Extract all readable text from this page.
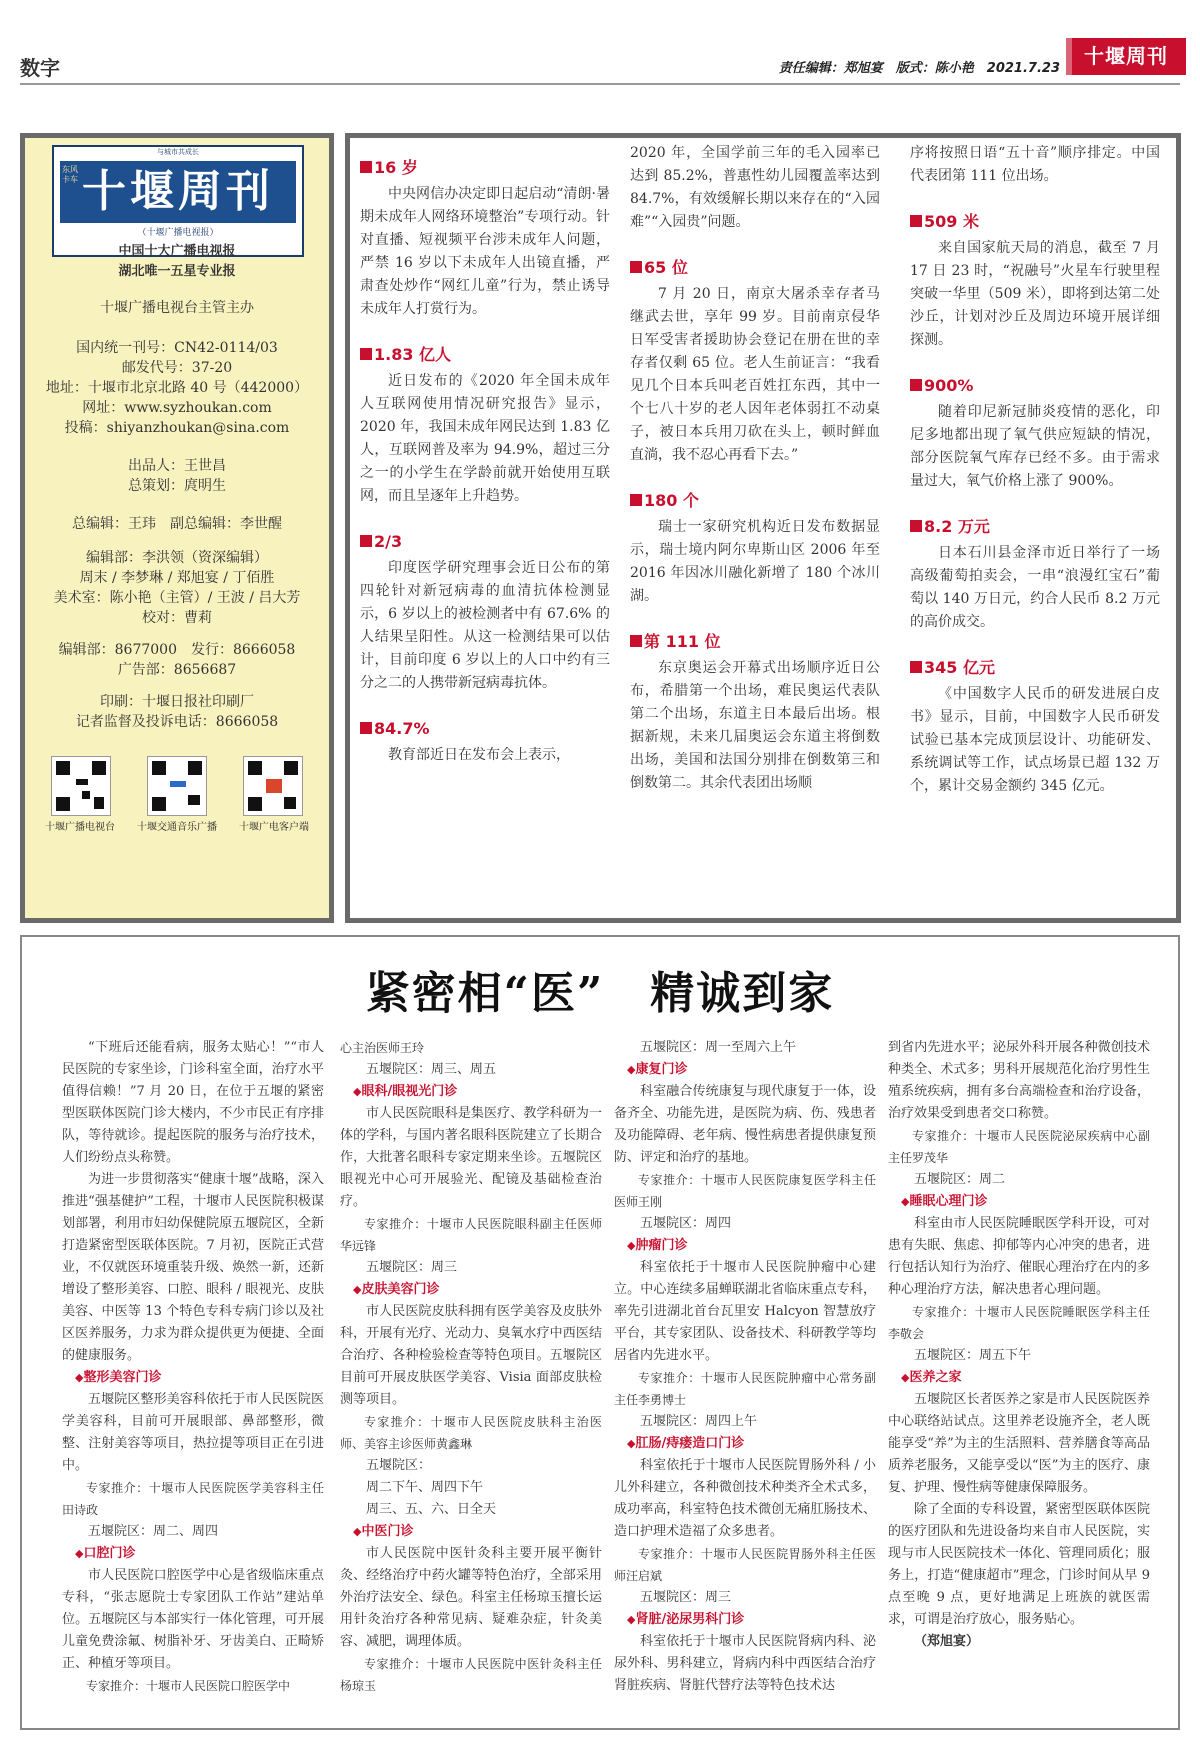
数字	责任编辑：郑旭宴　版式：陈小艳　2021.7.23
十堰周刊
与城市共成长
十堰周刊
东风卡车
（十堰广播电视报）
中国十大广播电视报
湖北唯一五星专业报
十堰广播电视台主管主办
国内统一刊号：CN42-0114/03
邮发代号：37-20
地址：十堰市北京北路 40 号（442000）
网址：www.syzhoukan.com
投稿：shiyanzhoukan@sina.com
出品人：王世昌
总策划：庹明生
总编辑：王玮　副总编辑：李世醒
编辑部：李洪领（资深编辑）
周末 / 李梦琳 / 郑旭宴 / 丁佰胜
美术室：陈小艳（主管）/ 王波 / 吕大芳
校对：曹莉
编辑部：8677000　发行：8666058
广告部：8656687
印刷：十堰日报社印刷厂
记者监督及投诉电话：8666058
十堰广播电视台 十堰交通音乐广播 十堰广电客户端
16 岁

中央网信办决定即日起启动“清朗·暑期未成年人网络环境整治”专项行动。针对直播、短视频平台涉未成年人问题，严禁 16 岁以下未成年人出镜直播，严肃查处炒作“网红儿童”行为，禁止诱导未成年人打赏行为。

1.83 亿人

近日发布的《2020 年全国未成年人互联网使用情况研究报告》显示，2020 年，我国未成年网民达到 1.83 亿人，互联网普及率为 94.9%，超过三分之一的小学生在学龄前就开始使用互联网，而且呈逐年上升趋势。

2/3

印度医学研究理事会近日公布的第四轮针对新冠病毒的血清抗体检测显示，6 岁以上的被检测者中有 67.6% 的人结果呈阳性。从这一检测结果可以估计，目前印度 6 岁以上的人口中约有三分之二的人携带新冠病毒抗体。

84.7%

教育部近日在发布会上表示，

2020 年，全国学前三年的毛入园率已达到 85.2%，普惠性幼儿园覆盖率达到 84.7%，有效缓解长期以来存在的“入园难”“入园贵”问题。

65 位

7 月 20 日，南京大屠杀幸存者马继武去世，享年 99 岁。目前南京侵华日军受害者援助协会登记在册在世的幸存者仅剩 65 位。老人生前证言：“我看见几个日本兵叫老百姓扛东西，其中一个七八十岁的老人因年老体弱扛不动桌子，被日本兵用刀砍在头上，顿时鲜血直淌，我不忍心再看下去。”

180 个

瑞士一家研究机构近日发布数据显示，瑞士境内阿尔卑斯山区 2006 年至 2016 年因冰川融化新增了 180 个冰川湖。

第 111 位

东京奥运会开幕式出场顺序近日公布，希腊第一个出场，难民奥运代表队第二个出场，东道主日本最后出场。根据新规，未来几届奥运会东道主将倒数出场，美国和法国分别排在倒数第三和倒数第二。其余代表团出场顺

序将按照日语“五十音”顺序排定。中国代表团第 111 位出场。

509 米

来自国家航天局的消息，截至 7 月 17 日 23 时，“祝融号”火星车行驶里程突破一华里（509 米），即将到达第二处沙丘，计划对沙丘及周边环境开展详细探测。

900%

随着印尼新冠肺炎疫情的恶化，印尼多地都出现了氧气供应短缺的情况，部分医院氧气库存已经不多。由于需求量过大，氧气价格上涨了 900%。

8.2 万元

日本石川县金泽市近日举行了一场高级葡萄拍卖会，一串“浪漫红宝石”葡萄以 140 万日元，约合人民币 8.2 万元的高价成交。

345 亿元

《中国数字人民币的研发进展白皮书》显示，目前，中国数字人民币研发试验已基本完成顶层设计、功能研发、系统调试等工作，试点场景已超 132 万个，累计交易金额约 345 亿元。

紧密相“医”　精诚到家

“下班后还能看病，服务太贴心！”“市人民医院的专家坐诊，门诊科室全面，治疗水平值得信赖！”7 月 20 日，在位于五堰的紧密型医联体医院门诊大楼内，不少市民正有序排队，等待就诊。提起医院的服务与治疗技术，人们纷纷点头称赞。

为进一步贯彻落实“健康十堰”战略，深入推进“强基健护”工程，十堰市人民医院积极谋划部署，利用市妇幼保健院原五堰院区，全新打造紧密型医联体医院。7 月初，医院正式营业，不仅就医环境重装升级、焕然一新，还新增设了整形美容、口腔、眼科 / 眼视光、皮肤美容、中医等 13 个特色专科专病门诊以及社区医养服务，力求为群众提供更为便捷、全面的健康服务。

◆整形美容门诊

五堰院区整形美容科依托于市人民医院医学美容科，目前可开展眼部、鼻部整形，微整、注射美容等项目，热拉提等项目正在引进中。

专家推介：十堰市人民医院医学美容科主任田诗政

五堰院区：周二、周四

◆口腔门诊

市人民医院口腔医学中心是省级临床重点专科，“张志愿院士专家团队工作站”建站单位。五堰院区与本部实行一体化管理，可开展儿童免费涂氟、树脂补牙、牙齿美白、正畸矫正、种植牙等项目。

专家推介：十堰市人民医院口腔医学中

心主治医师王玲

五堰院区：周三、周五

◆眼科/眼视光门诊

市人民医院眼科是集医疗、教学科研为一体的学科，与国内著名眼科医院建立了长期合作，大批著名眼科专家定期来坐诊。五堰院区眼视光中心可开展验光、配镜及基础检查治疗。

专家推介：十堰市人民医院眼科副主任医师华远锋

五堰院区：周三

◆皮肤美容门诊

市人民医院皮肤科拥有医学美容及皮肤外科，开展有光疗、光动力、臭氧水疗中西医结合治疗、各种检验检查等特色项目。五堰院区目前可开展皮肤医学美容、Visia 面部皮肤检测等项目。

专家推介：十堰市人民医院皮肤科主治医师、美容主诊医师黄鑫琳

五堰院区：

周二下午、周四下午

周三、五、六、日全天

◆中医门诊

市人民医院中医针灸科主要开展平衡针灸、经络治疗中药火罐等特色治疗，全部采用外治疗法安全、绿色。科室主任杨琼玉擅长运用针灸治疗各种常见病、疑难杂症，针灸美容、减肥，调理体质。

专家推介：十堰市人民医院中医针灸科主任杨琼玉

五堰院区：周一至周六上午

◆康复门诊

科室融合传统康复与现代康复于一体，设备齐全、功能先进，是医院为病、伤、残患者及功能障碍、老年病、慢性病患者提供康复预防、评定和治疗的基地。

专家推介：十堰市人民医院康复医学科主任医师王刚

五堰院区：周四

◆肿瘤门诊

科室依托于十堰市人民医院肿瘤中心建立。中心连续多届蝉联湖北省临床重点专科，率先引进湖北首台瓦里安 Halcyon 智慧放疗平台，其专家团队、设备技术、科研教学等均居省内先进水平。

专家推介：十堰市人民医院肿瘤中心常务副主任李勇博士

五堰院区：周四上午

◆肛肠/痔瘘造口门诊

科室依托于十堰市人民医院胃肠外科 / 小儿外科建立，各种微创技术种类齐全术式多，成功率高，科室特色技术微创无痛肛肠技术、造口护理术造福了众多患者。

专家推介：十堰市人民医院胃肠外科主任医师汪启斌

五堰院区：周三

◆肾脏/泌尿男科门诊

科室依托于十堰市人民医院肾病内科、泌尿外科、男科建立，肾病内科中西医结合治疗肾脏疾病、肾脏代替疗法等特色技术达

到省内先进水平；泌尿外科开展各种微创技术种类全、术式多；男科开展规范化治疗男性生殖系统疾病，拥有多台高端检查和治疗设备，治疗效果受到患者交口称赞。

专家推介：十堰市人民医院泌尿疾病中心副主任罗茂华

五堰院区：周二

◆睡眠心理门诊

科室由市人民医院睡眠医学科开设，可对患有失眠、焦虑、抑郁等内心冲突的患者，进行包括认知行为治疗、催眠心理治疗在内的多种心理治疗方法，解决患者心理问题。

专家推介：十堰市人民医院睡眠医学科主任李敬会

五堰院区：周五下午

◆医养之家

五堰院区长者医养之家是市人民医院医养中心联络站试点。这里养老设施齐全，老人既能享受“养”为主的生活照料、营养膳食等高品质养老服务，又能享受以“医”为主的医疗、康复、护理、慢性病等健康保障服务。

除了全面的专科设置，紧密型医联体医院的医疗团队和先进设备均来自市人民医院，实现与市人民医院技术一体化、管理同质化；服务上，打造“健康超市”理念，门诊时间从早 9 点至晚 9 点，更好地满足上班族的就医需求，可谓是治疗放心，服务贴心。

（郑旭宴）
